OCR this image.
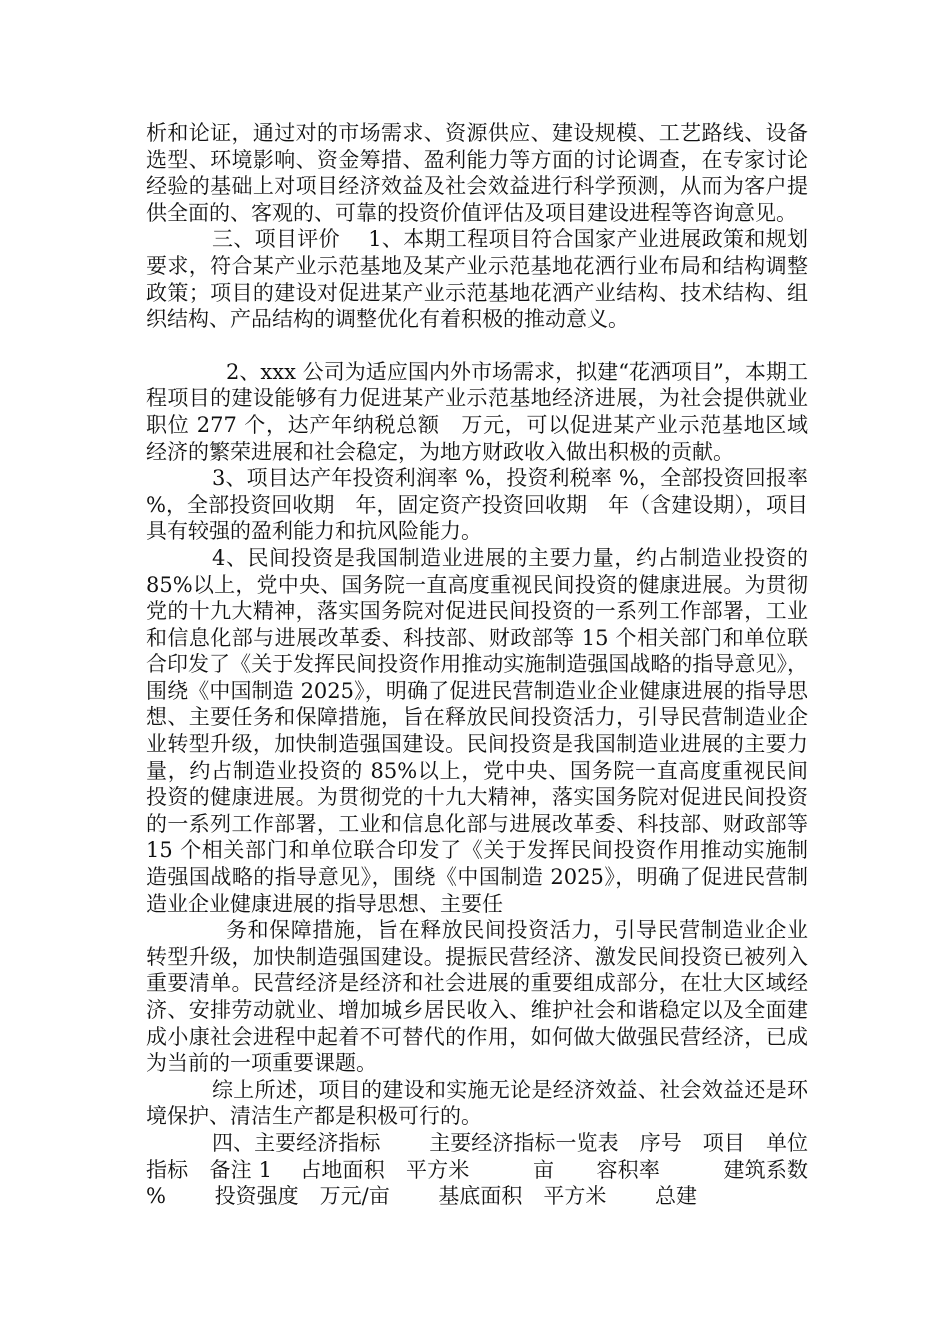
析和论证，通过对的市场需求、资源供应、建设规模、工艺路线、设备选型、环境影响、资金筹措、盈利能力等方面的讨论调查，在专家讨论经验的基础上对项目经济效益及社会效益进行科学预测，从而为客户提供全面的、客观的、可靠的投资价值评估及项目建设进程等咨询意见。

三、项目评价　 1、本期工程项目符合国家产业进展政策和规划要求，符合某产业示范基地及某产业示范基地花洒行业布局和结构调整政策；项目的建设对促进某产业示范基地花洒产业结构、技术结构、组织结构、产品结构的调整优化有着积极的推动意义。

2、xxx 公司为适应国内外市场需求，拟建“花洒项目”，本期工程项目的建设能够有力促进某产业示范基地经济进展，为社会提供就业职位 277 个，达产年纳税总额　万元，可以促进某产业示范基地区域经济的繁荣进展和社会稳定，为地方财政收入做出积极的贡献。

3、项目达产年投资利润率 %，投资利税率 %，全部投资回报率 %，全部投资回收期　年，固定资产投资回收期　年（含建设期），项目具有较强的盈利能力和抗风险能力。

4、民间投资是我国制造业进展的主要力量，约占制造业投资的 85%以上，党中央、国务院一直高度重视民间投资的健康进展。为贯彻党的十九大精神，落实国务院对促进民间投资的一系列工作部署，工业和信息化部与进展改革委、科技部、财政部等 15 个相关部门和单位联合印发了《关于发挥民间投资作用推动实施制造强国战略的指导意见》，围绕《中国制造 2025》，明确了促进民营制造业企业健康进展的指导思想、主要任务和保障措施，旨在释放民间投资活力，引导民营制造业企业转型升级，加快制造强国建设。民间投资是我国制造业进展的主要力量，约占制造业投资的 85%以上，党中央、国务院一直高度重视民间投资的健康进展。为贯彻党的十九大精神，落实国务院对促进民间投资的一系列工作部署，工业和信息化部与进展改革委、科技部、财政部等 15 个相关部门和单位联合印发了《关于发挥民间投资作用推动实施制造强国战略的指导意见》，围绕《中国制造 2025》，明确了促进民营制造业企业健康进展的指导思想、主要任

务和保障措施，旨在释放民间投资活力，引导民营制造业企业转型升级，加快制造强国建设。提振民营经济、激发民间投资已被列入重要清单。民营经济是经济和社会进展的重要组成部分，在壮大区域经济、安排劳动就业、增加城乡居民收入、维护社会和谐稳定以及全面建成小康社会进程中起着不可替代的作用，如何做大做强民营经济，已成为当前的一项重要课题。

综上所述，项目的建设和实施无论是经济效益、社会效益还是环境保护、清洁生产都是积极可行的。

四、主要经济指标　　 主要经济指标一览表　序号　项目　单位　指标　备注 1　 占地面积　平方米　　　亩　　容积率　　　建筑系数　 %　　 投资强度　万元/亩　　 基底面积　平方米　　 总建
